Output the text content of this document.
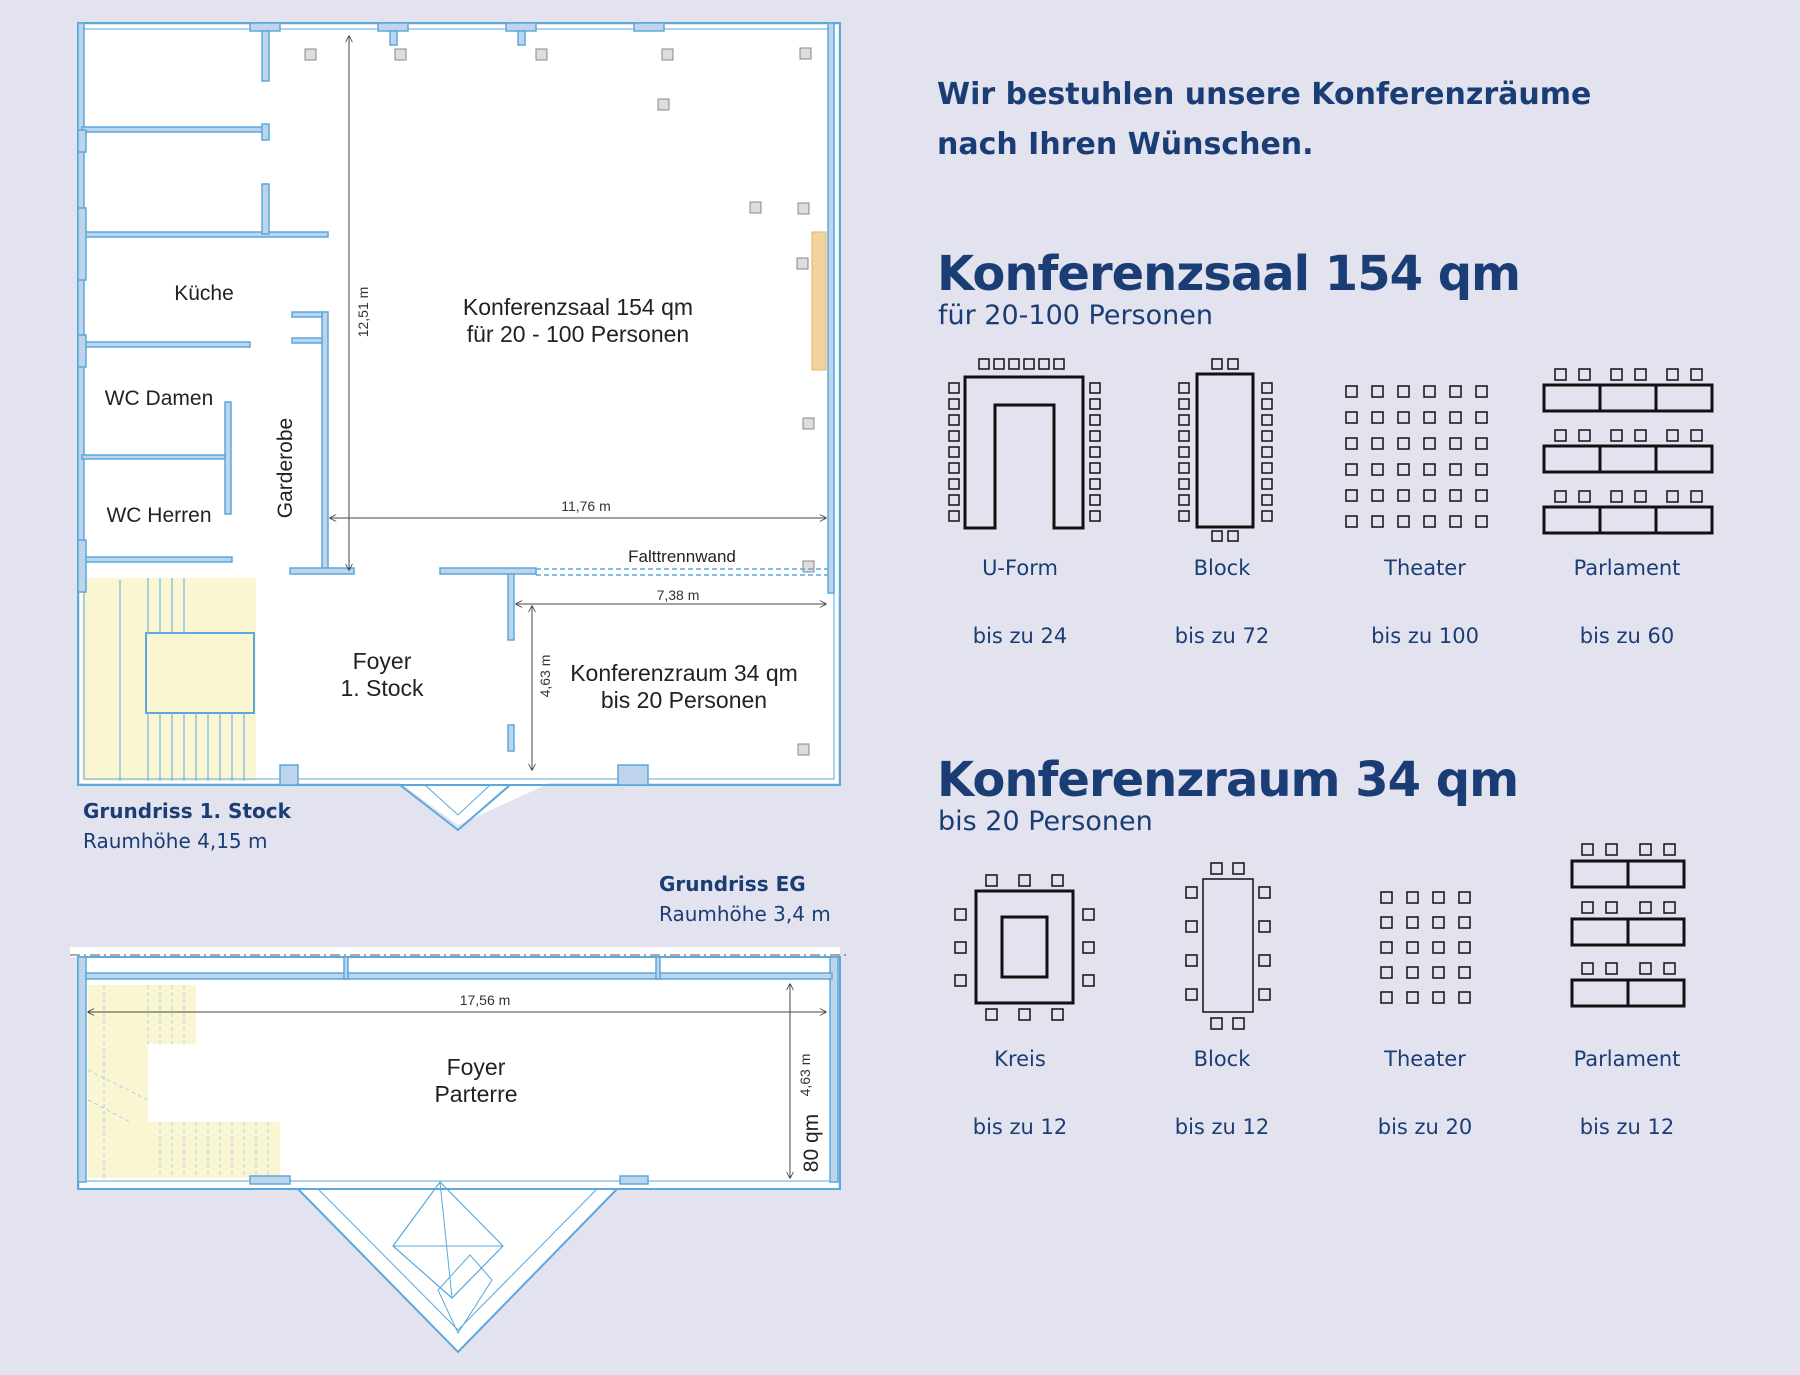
Wir bestuhlen unsere Konferenzräume
nach Ihren Wünschen.
Konferenzsaal 154 qm
für 20-100 Personen
Konferenzraum 34 qm
bis 20 Personen
U-Form	Block	Theater	Parlament
bis zu 24	bis zu 72	bis zu 100	bis zu 60
Kreis	Block	Theater	Parlament
bis zu 12	bis zu 12	bis zu 20	bis zu 12
12,51 m
11,76 m
7,38 m
4,63 m
Küche
WC Damen
WC Herren	Garderobe
Konferenzsaal 154 qm
für 20 - 100 Personen
Foyer
1. Stock
Konferenzraum 34 qm
bis 20 Personen
Falttrennwand
Grundriss 1. Stock
Raumhöhe 4,15 m
Grundriss EG
Raumhöhe 3,4 m
17,56 m
4,63 m
80 qm
Foyer
Parterre
